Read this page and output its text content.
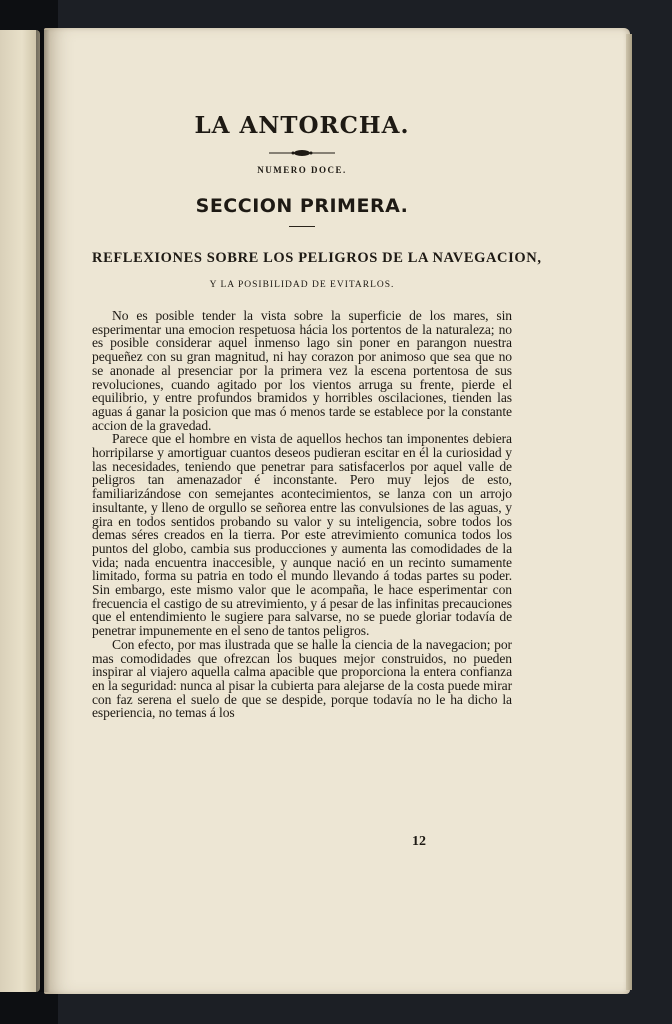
LA ANTORCHA.

NUMERO DOCE.

SECCION PRIMERA.
REFLEXIONES SOBRE LOS PELIGROS DE LA NAVEGACION,

Y LA POSIBILIDAD DE EVITARLOS.

No es posible tender la vista sobre la superficie de los mares, sin esperimentar una emocion respetuosa hácia los portentos de la naturaleza; no es posible considerar aquel inmenso lago sin poner en parangon nuestra pequeñez con su gran magnitud, ni hay corazon por animoso que sea que no se anonade al presenciar por la primera vez la escena portentosa de sus revoluciones, cuando agitado por los vientos arruga su frente, pierde el equilibrio, y entre profundos bramidos y horribles oscilaciones, tienden las aguas á ganar la posicion que mas ó menos tarde se establece por la constante accion de la gravedad.

Parece que el hombre en vista de aquellos hechos tan imponentes debiera horripilarse y amortiguar cuantos deseos pudieran escitar en él la curiosidad y las necesidades, teniendo que penetrar para satisfacerlos por aquel valle de peligros tan amenazador é inconstante. Pero muy lejos de esto, familiarizándose con semejantes acontecimientos, se lanza con un arrojo insultante, y lleno de orgullo se señorea entre las convulsiones de las aguas, y gira en todos sentidos probando su valor y su inteligencia, sobre todos los demas séres creados en la tierra. Por este atrevimiento comunica todos los puntos del globo, cambia sus producciones y aumenta las comodidades de la vida; nada encuentra inaccesible, y aunque nació en un recinto sumamente limitado, forma su patria en todo el mundo llevando á todas partes su poder. Sin embargo, este mismo valor que le acompaña, le hace esperimentar con frecuencia el castigo de su atrevimiento, y á pesar de las infinitas precauciones que el entendimiento le sugiere para salvarse, no se puede gloriar todavía de penetrar impunemente en el seno de tantos peligros.

Con efecto, por mas ilustrada que se halle la ciencia de la navegacion; por mas comodidades que ofrezcan los buques mejor construidos, no pueden inspirar al viajero aquella calma apacible que proporciona la entera confianza en la seguridad: nunca al pisar la cubierta para alejarse de la costa puede mirar con faz serena el suelo de que se despide, porque todavía no le ha dicho la esperiencia, no temas á los

12
